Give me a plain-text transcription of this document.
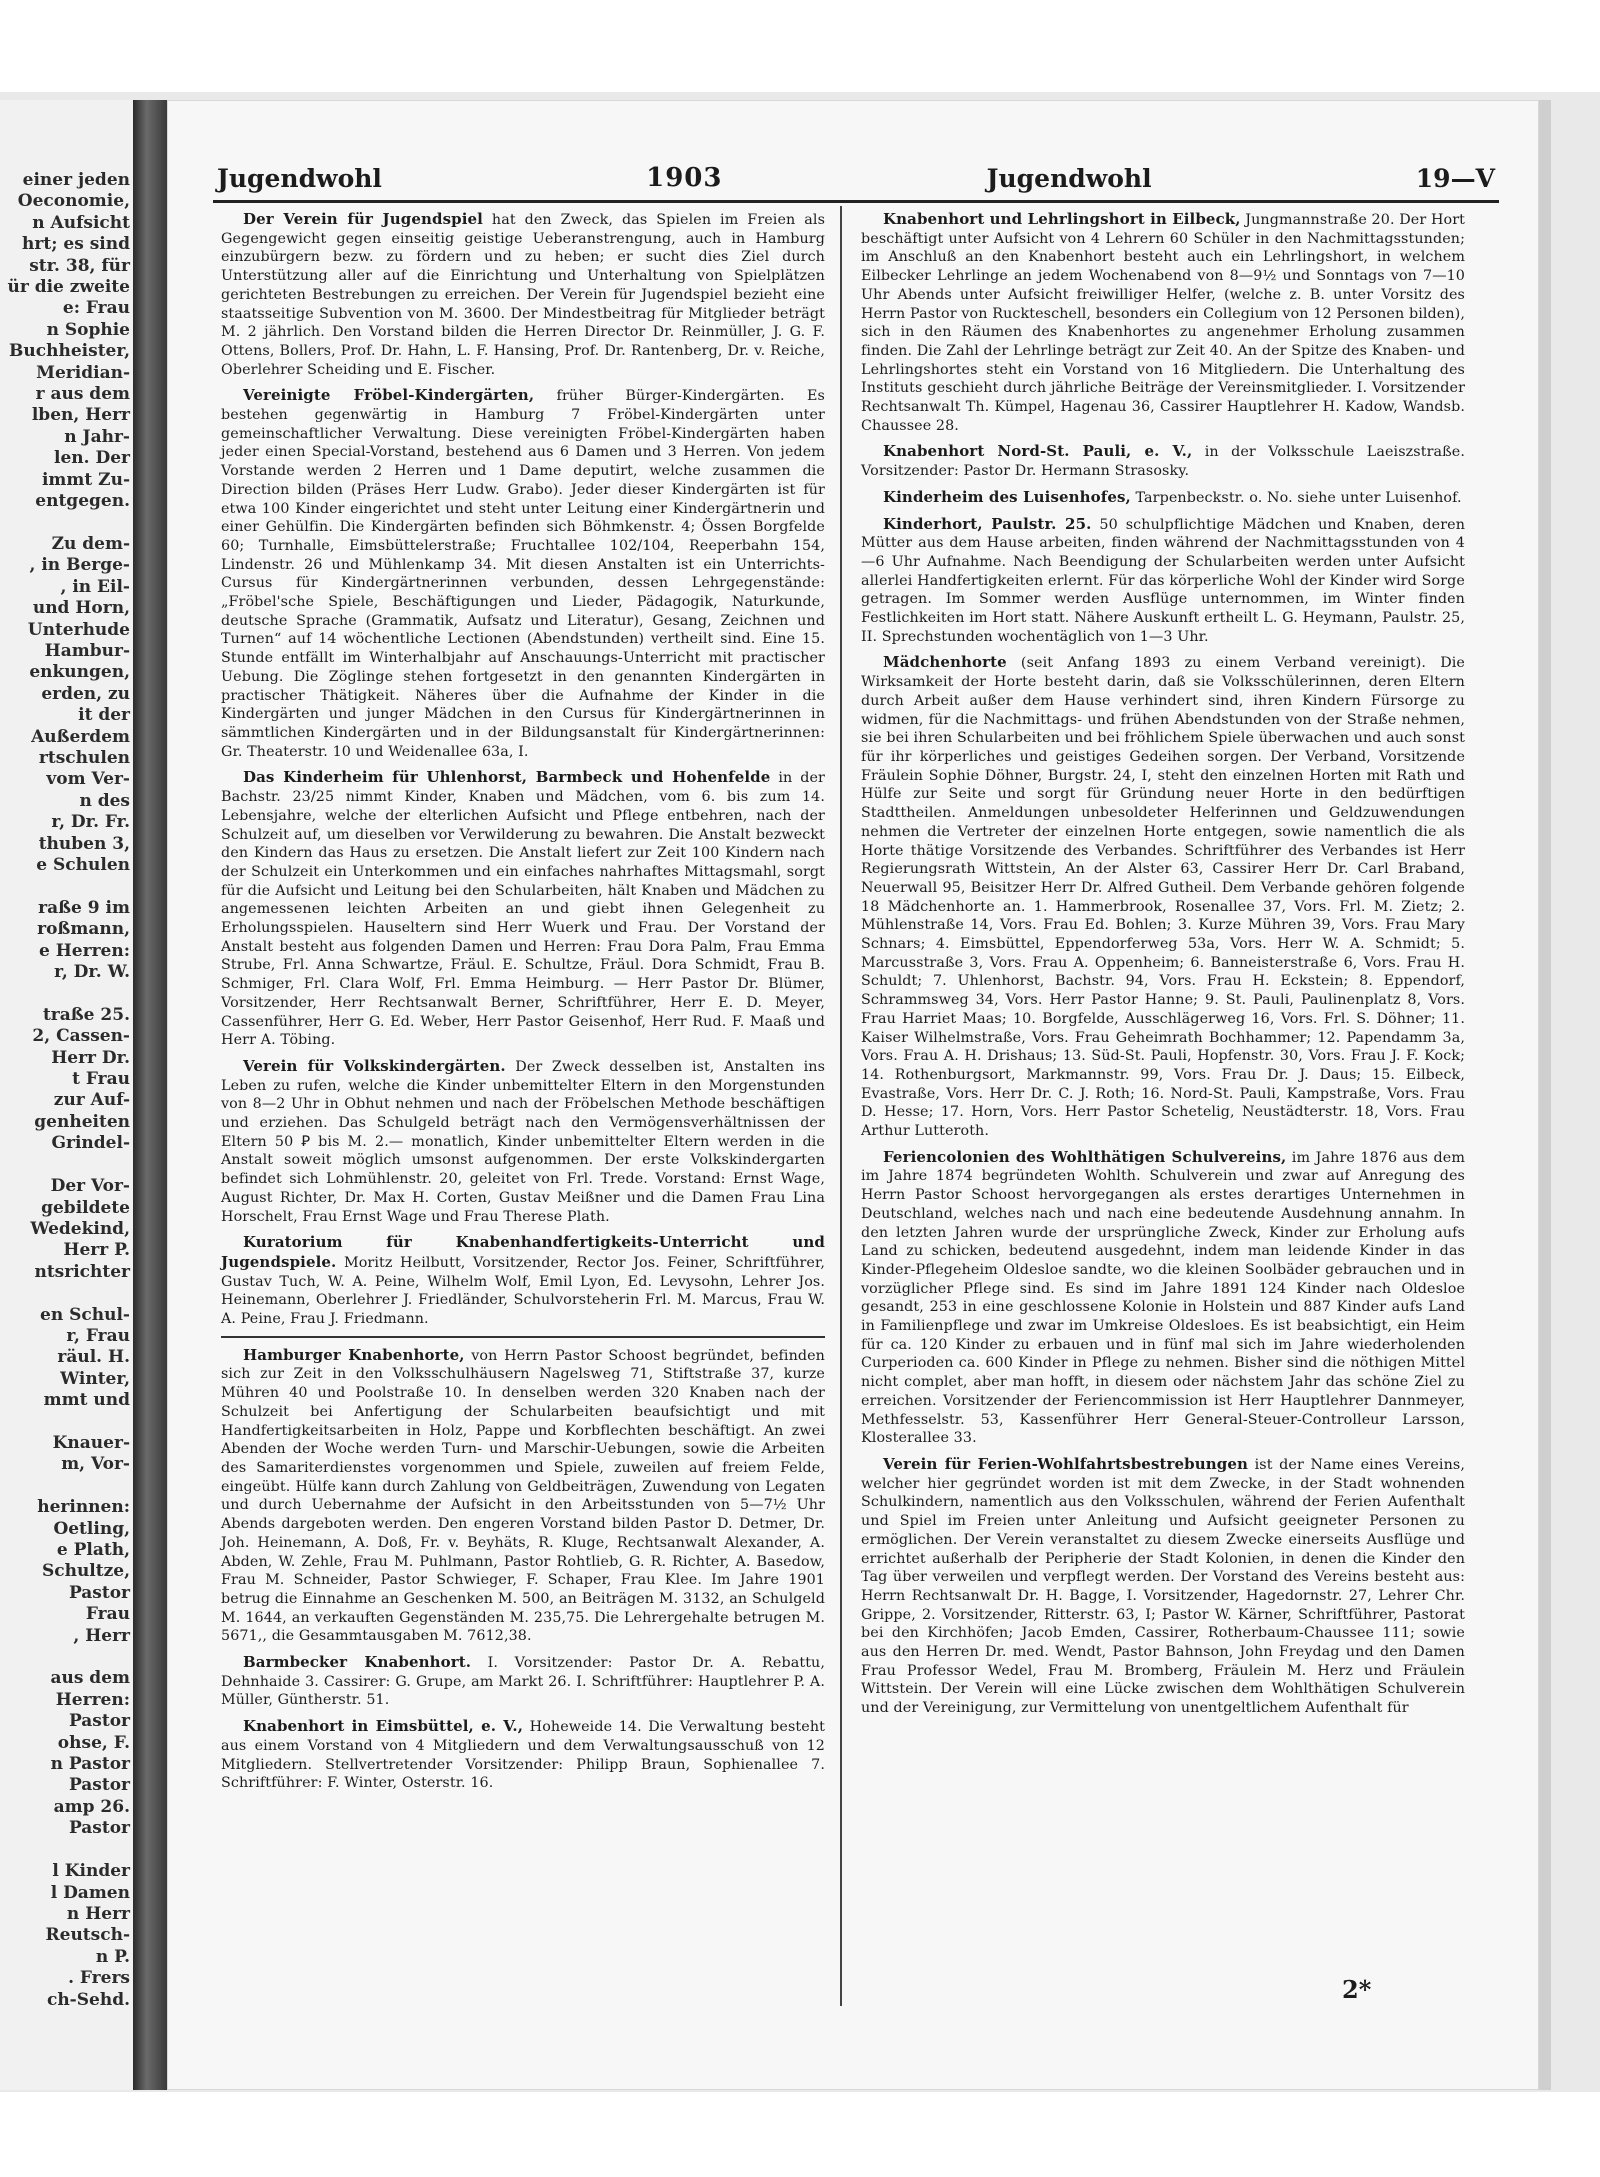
einer jeden
Oeconomie,
n Aufsicht
hrt; es sind
str. 38, für
ür die zweite
e: Frau
n Sophie
Buchheister,
Meridian-
r aus dem
lben, Herr
n Jahr-
len. Der
immt Zu-
entgegen.

Zu dem-
, in Berge-
, in Eil-
und Horn,
Unterhude
Hambur-
enkungen,
erden, zu
it der
Außerdem
rtschulen
vom Ver-
n des
r, Dr. Fr.
thuben 3,
e Schulen

raße 9 im
roßmann,
e Herren:
r, Dr. W.

traße 25.
2, Cassen-
Herr Dr.
t Frau
zur Auf-
genheiten
Grindel-

Der Vor-
gebildete
Wedekind,
Herr P.
ntsrichter

en Schul-
r, Frau
räul. H.
Winter,
mmt und

Knauer-
m, Vor-

herinnen:
Oetling,
e Plath,
Schultze,
Pastor
Frau
, Herr

aus dem
Herren:
Pastor
ohse, F.
n Pastor
Pastor
amp 26.
Pastor

l Kinder
l Damen
n Herr
Reutsch-
n P.
. Frers
ch-Sehd.
Jugendwohl	1903	Jugendwohl	19—V

Der Verein für Jugendspiel hat den Zweck, das Spielen im Freien als Gegengewicht gegen einseitig geistige Ueberanstrengung, auch in Hamburg einzubürgern bezw. zu fördern und zu heben; er sucht dies Ziel durch Unterstützung aller auf die Einrichtung und Unterhaltung von Spielplätzen gerichteten Bestrebungen zu erreichen. Der Verein für Jugendspiel bezieht eine staatsseitige Subvention von M. 3600. Der Mindestbeitrag für Mitglieder beträgt M. 2 jährlich. Den Vorstand bilden die Herren Director Dr. Reinmüller, J. G. F. Ottens, Bollers, Prof. Dr. Hahn, L. F. Hansing, Prof. Dr. Rantenberg, Dr. v. Reiche, Oberlehrer Scheiding und E. Fischer.

Vereinigte Fröbel-Kindergärten, früher Bürger-Kindergärten. Es bestehen gegenwärtig in Hamburg 7 Fröbel-Kindergärten unter gemeinschaftlicher Verwaltung. Diese vereinigten Fröbel-Kindergärten haben jeder einen Special-Vorstand, bestehend aus 6 Damen und 3 Herren. Von jedem Vorstande werden 2 Herren und 1 Dame deputirt, welche zusammen die Direction bilden (Präses Herr Ludw. Grabo). Jeder dieser Kindergärten ist für etwa 100 Kinder eingerichtet und steht unter Leitung einer Kindergärtnerin und einer Gehülfin. Die Kindergärten befinden sich Böhmkenstr. 4; Össen Borgfelde 60; Turnhalle, Eimsbüttelerstraße; Fruchtallee 102/104, Reeperbahn 154, Lindenstr. 26 und Mühlenkamp 34. Mit diesen Anstalten ist ein Unterrichts-Cursus für Kindergärtnerinnen verbunden, dessen Lehrgegenstände: „Fröbel'sche Spiele, Beschäftigungen und Lieder, Pädagogik, Naturkunde, deutsche Sprache (Grammatik, Aufsatz und Literatur), Gesang, Zeichnen und Turnen“ auf 14 wöchentliche Lectionen (Abendstunden) vertheilt sind. Eine 15. Stunde entfällt im Winterhalbjahr auf Anschauungs-Unterricht mit practischer Uebung. Die Zöglinge stehen fortgesetzt in den genannten Kindergärten in practischer Thätigkeit. Näheres über die Aufnahme der Kinder in die Kindergärten und junger Mädchen in den Cursus für Kindergärtnerinnen in sämmtlichen Kindergärten und in der Bildungsanstalt für Kindergärtnerinnen: Gr. Theaterstr. 10 und Weidenallee 63a, I.

Das Kinderheim für Uhlenhorst, Barmbeck und Hohenfelde in der Bachstr. 23/25 nimmt Kinder, Knaben und Mädchen, vom 6. bis zum 14. Lebensjahre, welche der elterlichen Aufsicht und Pflege entbehren, nach der Schulzeit auf, um dieselben vor Verwilderung zu bewahren. Die Anstalt bezweckt den Kindern das Haus zu ersetzen. Die Anstalt liefert zur Zeit 100 Kindern nach der Schulzeit ein Unterkommen und ein einfaches nahrhaftes Mittagsmahl, sorgt für die Aufsicht und Leitung bei den Schularbeiten, hält Knaben und Mädchen zu angemessenen leichten Arbeiten an und giebt ihnen Gelegenheit zu Erholungsspielen. Hauseltern sind Herr Wuerk und Frau. Der Vorstand der Anstalt besteht aus folgenden Damen und Herren: Frau Dora Palm, Frau Emma Strube, Frl. Anna Schwartze, Fräul. E. Schultze, Fräul. Dora Schmidt, Frau B. Schmiger, Frl. Clara Wolf, Frl. Emma Heimburg. — Herr Pastor Dr. Blümer, Vorsitzender, Herr Rechtsanwalt Berner, Schriftführer, Herr E. D. Meyer, Cassenführer, Herr G. Ed. Weber, Herr Pastor Geisenhof, Herr Rud. F. Maaß und Herr A. Töbing.

Verein für Volkskindergärten. Der Zweck desselben ist, Anstalten ins Leben zu rufen, welche die Kinder unbemittelter Eltern in den Morgenstunden von 8—2 Uhr in Obhut nehmen und nach der Fröbelschen Methode beschäftigen und erziehen. Das Schulgeld beträgt nach den Vermögensverhältnissen der Eltern 50 Ꝑ bis M. 2.— monatlich, Kinder unbemittelter Eltern werden in die Anstalt soweit möglich umsonst aufgenommen. Der erste Volkskindergarten befindet sich Lohmühlenstr. 20, geleitet von Frl. Trede. Vorstand: Ernst Wage, August Richter, Dr. Max H. Corten, Gustav Meißner und die Damen Frau Lina Horschelt, Frau Ernst Wage und Frau Therese Plath.

Kuratorium für Knabenhandfertigkeits-Unterricht und Jugendspiele. Moritz Heilbutt, Vorsitzender, Rector Jos. Feiner, Schriftführer, Gustav Tuch, W. A. Peine, Wilhelm Wolf, Emil Lyon, Ed. Levysohn, Lehrer Jos. Heinemann, Oberlehrer J. Friedländer, Schulvorsteherin Frl. M. Marcus, Frau W. A. Peine, Frau J. Friedmann.

Hamburger Knabenhorte, von Herrn Pastor Schoost begründet, befinden sich zur Zeit in den Volksschulhäusern Nagelsweg 71, Stiftstraße 37, kurze Mühren 40 und Poolstraße 10. In denselben werden 320 Knaben nach der Schulzeit bei Anfertigung der Schularbeiten beaufsichtigt und mit Handfertigkeitsarbeiten in Holz, Pappe und Korbflechten beschäftigt. An zwei Abenden der Woche werden Turn- und Marschir-Uebungen, sowie die Arbeiten des Samariterdienstes vorgenommen und Spiele, zuweilen auf freiem Felde, eingeübt. Hülfe kann durch Zahlung von Geldbeiträgen, Zuwendung von Legaten und durch Uebernahme der Aufsicht in den Arbeitsstunden von 5—7½ Uhr Abends dargeboten werden. Den engeren Vorstand bilden Pastor D. Detmer, Dr. Joh. Heinemann, A. Doß, Fr. v. Beyhäts, R. Kluge, Rechtsanwalt Alexander, A. Abden, W. Zehle, Frau M. Puhlmann, Pastor Rohtlieb, G. R. Richter, A. Basedow, Frau M. Schneider, Pastor Schwieger, F. Schaper, Frau Klee. Im Jahre 1901 betrug die Einnahme an Geschenken M. 500, an Beiträgen M. 3132, an Schulgeld M. 1644, an verkauften Gegenständen M. 235,75. Die Lehrergehalte betrugen M. 5671,, die Gesammtausgaben M. 7612,38.

Barmbecker Knabenhort. I. Vorsitzender: Pastor Dr. A. Rebattu, Dehnhaide 3. Cassirer: G. Grupe, am Markt 26. I. Schriftführer: Hauptlehrer P. A. Müller, Güntherstr. 51.

Knabenhort in Eimsbüttel, e. V., Hoheweide 14. Die Verwaltung besteht aus einem Vorstand von 4 Mitgliedern und dem Verwaltungsausschuß von 12 Mitgliedern. Stellvertretender Vorsitzender: Philipp Braun, Sophienallee 7. Schriftführer: F. Winter, Osterstr. 16.

Knabenhort und Lehrlingshort in Eilbeck, Jungmannstraße 20. Der Hort beschäftigt unter Aufsicht von 4 Lehrern 60 Schüler in den Nachmittagsstunden; im Anschluß an den Knabenhort besteht auch ein Lehrlingshort, in welchem Eilbecker Lehrlinge an jedem Wochenabend von 8—9½ und Sonntags von 7—10 Uhr Abends unter Aufsicht freiwilliger Helfer, (welche z. B. unter Vorsitz des Herrn Pastor von Ruckteschell, besonders ein Collegium von 12 Personen bilden), sich in den Räumen des Knabenhortes zu angenehmer Erholung zusammen finden. Die Zahl der Lehrlinge beträgt zur Zeit 40. An der Spitze des Knaben- und Lehrlingshortes steht ein Vorstand von 16 Mitgliedern. Die Unterhaltung des Instituts geschieht durch jährliche Beiträge der Vereinsmitglieder. I. Vorsitzender Rechtsanwalt Th. Kümpel, Hagenau 36, Cassirer Hauptlehrer H. Kadow, Wandsb. Chaussee 28.

Knabenhort Nord-St. Pauli, e. V., in der Volksschule Laeiszstraße. Vorsitzender: Pastor Dr. Hermann Strasosky.

Kinderheim des Luisenhofes, Tarpenbeckstr. o. No. siehe unter Luisenhof.

Kinderhort, Paulstr. 25. 50 schulpflichtige Mädchen und Knaben, deren Mütter aus dem Hause arbeiten, finden während der Nachmittagsstunden von 4—6 Uhr Aufnahme. Nach Beendigung der Schularbeiten werden unter Aufsicht allerlei Handfertigkeiten erlernt. Für das körperliche Wohl der Kinder wird Sorge getragen. Im Sommer werden Ausflüge unternommen, im Winter finden Festlichkeiten im Hort statt. Nähere Auskunft ertheilt L. G. Heymann, Paulstr. 25, II. Sprechstunden wochentäglich von 1—3 Uhr.

Mädchenhorte (seit Anfang 1893 zu einem Verband vereinigt). Die Wirksamkeit der Horte besteht darin, daß sie Volksschülerinnen, deren Eltern durch Arbeit außer dem Hause verhindert sind, ihren Kindern Fürsorge zu widmen, für die Nachmittags- und frühen Abendstunden von der Straße nehmen, sie bei ihren Schularbeiten und bei fröhlichem Spiele überwachen und auch sonst für ihr körperliches und geistiges Gedeihen sorgen. Der Verband, Vorsitzende Fräulein Sophie Döhner, Burgstr. 24, I, steht den einzelnen Horten mit Rath und Hülfe zur Seite und sorgt für Gründung neuer Horte in den bedürftigen Stadttheilen. Anmeldungen unbesoldeter Helferinnen und Geldzuwendungen nehmen die Vertreter der einzelnen Horte entgegen, sowie namentlich die als Horte thätige Vorsitzende des Verbandes. Schriftführer des Verbandes ist Herr Regierungsrath Wittstein, An der Alster 63, Cassirer Herr Dr. Carl Braband, Neuerwall 95, Beisitzer Herr Dr. Alfred Gutheil. Dem Verbande gehören folgende 18 Mädchenhorte an. 1. Hammerbrook, Rosenallee 37, Vors. Frl. M. Zietz; 2. Mühlenstraße 14, Vors. Frau Ed. Bohlen; 3. Kurze Mühren 39, Vors. Frau Mary Schnars; 4. Eimsbüttel, Eppendorferweg 53a, Vors. Herr W. A. Schmidt; 5. Marcusstraße 3, Vors. Frau A. Oppenheim; 6. Banneisterstraße 6, Vors. Frau H. Schuldt; 7. Uhlenhorst, Bachstr. 94, Vors. Frau H. Eckstein; 8. Eppendorf, Schrammsweg 34, Vors. Herr Pastor Hanne; 9. St. Pauli, Paulinenplatz 8, Vors. Frau Harriet Maas; 10. Borgfelde, Ausschlägerweg 16, Vors. Frl. S. Döhner; 11. Kaiser Wilhelmstraße, Vors. Frau Geheimrath Bochhammer; 12. Papendamm 3a, Vors. Frau A. H. Drishaus; 13. Süd-St. Pauli, Hopfenstr. 30, Vors. Frau J. F. Kock; 14. Rothenburgsort, Markmannstr. 99, Vors. Frau Dr. J. Daus; 15. Eilbeck, Evastraße, Vors. Herr Dr. C. J. Roth; 16. Nord-St. Pauli, Kampstraße, Vors. Frau D. Hesse; 17. Horn, Vors. Herr Pastor Schetelig, Neustädterstr. 18, Vors. Frau Arthur Lutteroth.

Feriencolonien des Wohlthätigen Schulvereins, im Jahre 1876 aus dem im Jahre 1874 begründeten Wohlth. Schulverein und zwar auf Anregung des Herrn Pastor Schoost hervorgegangen als erstes derartiges Unternehmen in Deutschland, welches nach und nach eine bedeutende Ausdehnung annahm. In den letzten Jahren wurde der ursprüngliche Zweck, Kinder zur Erholung aufs Land zu schicken, bedeutend ausgedehnt, indem man leidende Kinder in das Kinder-Pflegeheim Oldesloe sandte, wo die kleinen Soolbäder gebrauchen und in vorzüglicher Pflege sind. Es sind im Jahre 1891 124 Kinder nach Oldesloe gesandt, 253 in eine geschlossene Kolonie in Holstein und 887 Kinder aufs Land in Familienpflege und zwar im Umkreise Oldesloes. Es ist beabsichtigt, ein Heim für ca. 120 Kinder zu erbauen und in fünf mal sich im Jahre wiederholenden Curperioden ca. 600 Kinder in Pflege zu nehmen. Bisher sind die nöthigen Mittel nicht complet, aber man hofft, in diesem oder nächstem Jahr das schöne Ziel zu erreichen. Vorsitzender der Feriencommission ist Herr Hauptlehrer Dannmeyer, Methfesselstr. 53, Kassenführer Herr General-Steuer-Controlleur Larsson, Klosterallee 33.

Verein für Ferien-Wohlfahrtsbestrebungen ist der Name eines Vereins, welcher hier gegründet worden ist mit dem Zwecke, in der Stadt wohnenden Schulkindern, namentlich aus den Volksschulen, während der Ferien Aufenthalt und Spiel im Freien unter Anleitung und Aufsicht geeigneter Personen zu ermöglichen. Der Verein veranstaltet zu diesem Zwecke einerseits Ausflüge und errichtet außerhalb der Peripherie der Stadt Kolonien, in denen die Kinder den Tag über verweilen und verpflegt werden. Der Vorstand des Vereins besteht aus: Herrn Rechtsanwalt Dr. H. Bagge, I. Vorsitzender, Hagedornstr. 27, Lehrer Chr. Grippe, 2. Vorsitzender, Ritterstr. 63, I; Pastor W. Kärner, Schriftführer, Pastorat bei den Kirchhöfen; Jacob Emden, Cassirer, Rotherbaum-Chaussee 111; sowie aus den Herren Dr. med. Wendt, Pastor Bahnson, John Freydag und den Damen Frau Professor Wedel, Frau M. Bromberg, Fräulein M. Herz und Fräulein Wittstein. Der Verein will eine Lücke zwischen dem Wohlthätigen Schulverein und der Vereinigung, zur Vermittelung von unentgeltlichem Aufenthalt für

2*
